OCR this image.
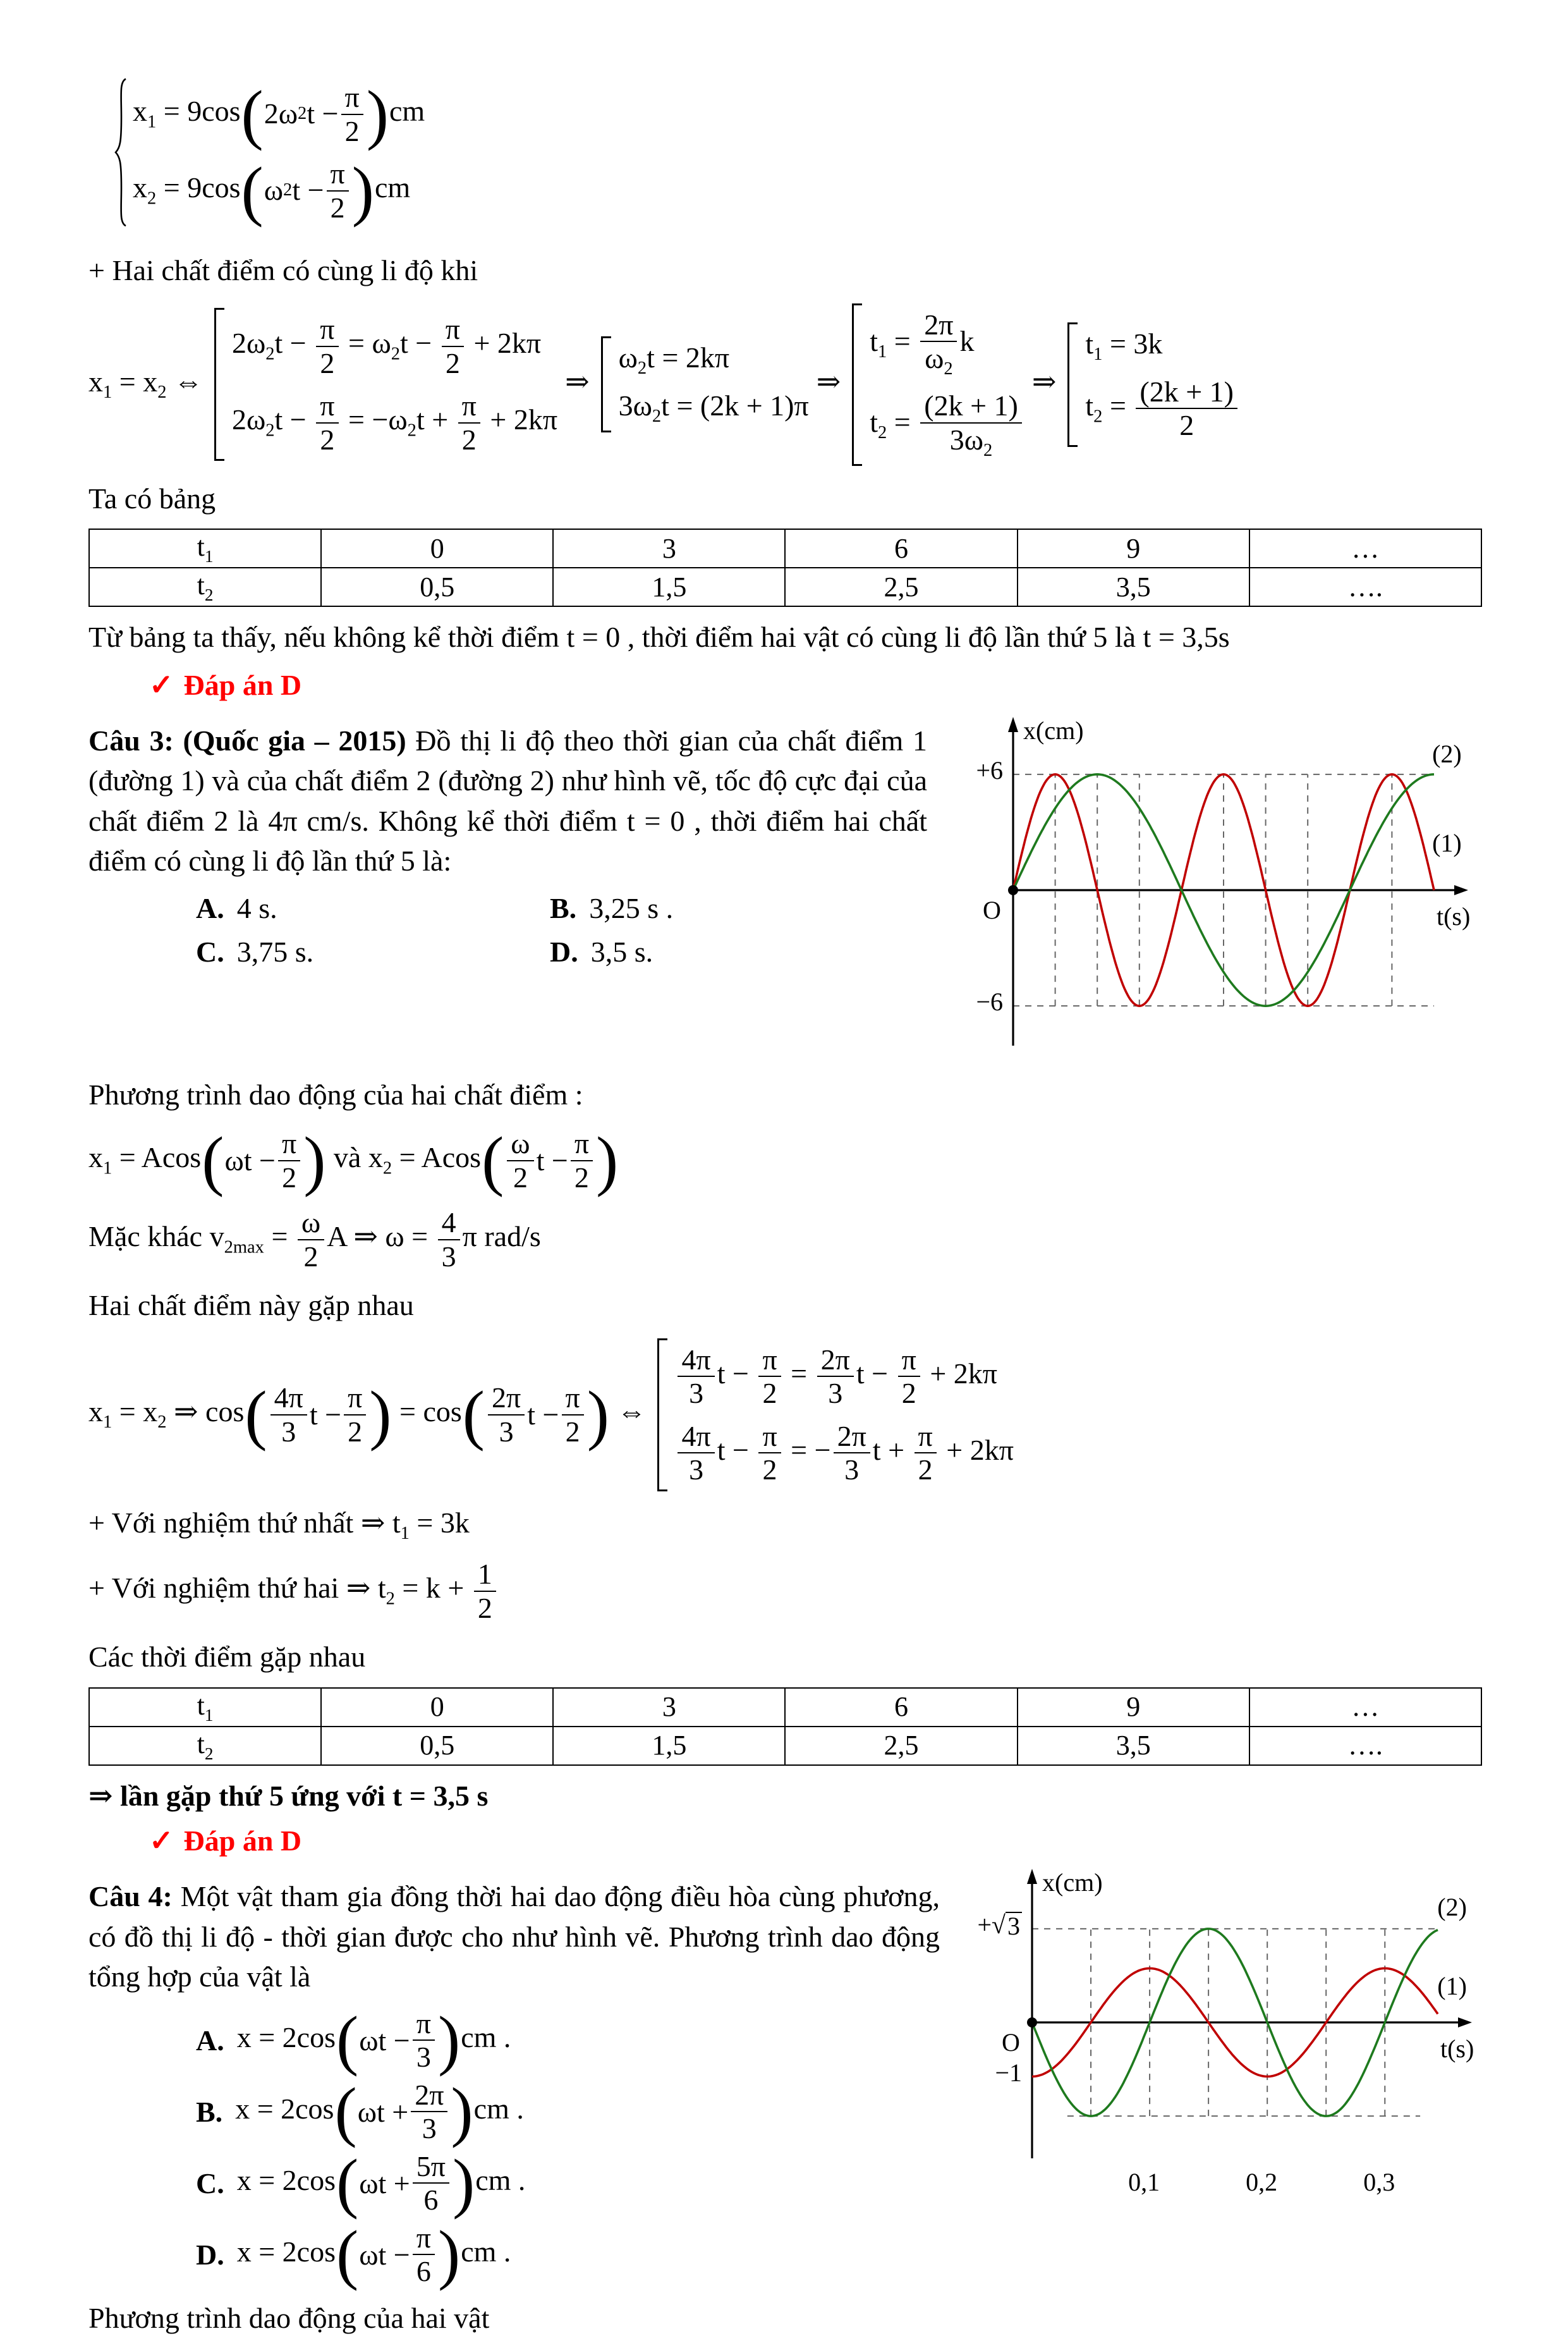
$x_1 = 9\cos$ ( 2ω 2 $t - \frac{\pi}{2}$ ) cm
$x_2 = 9\cos$ ( ω 2 $t - \frac{\pi}{2}$ ) cm

+ Hai chất điểm có cùng li độ khi

$x_1 = x_2$ ⇔
$2\omega_2t - \frac{\pi}{2} = \omega_2t - \frac{\pi}{2} + 2k\pi$
$2\omega_2t - \frac{\pi}{2} = -\omega_2t + \frac{\pi}{2} + 2k\pi$
⇒
$\omega_2t = 2k\pi$
$3\omega_2t = (2k + 1)\pi$
⇒
$t_1 = \frac{2\pi}{\omega_2}$ k
$t_2 = \frac{(2k + 1)}{3\omega_2}$
⇒
$t_1 = 3k$
$t_2 = \frac{(2k + 1)}{2}$

Ta có bảng

$t_1$	0	3	6	9	…
$t_2$	0,5	1,5	2,5	3,5	….

Từ bảng ta thấy, nếu không kể thời điểm t = 0 , thời điểm hai vật có cùng li độ lần thứ 5 là t = 3,5s

✓ Đáp án D

Câu 3: (Quốc gia – 2015) Đồ thị li độ theo thời gian của chất điểm 1 (đường 1) và của chất điểm 2 (đường 2) như hình vẽ, tốc độ cực đại của chất điểm 2 là 4π cm/s. Không kể thời điểm t = 0 , thời điểm hai chất điểm có cùng li độ lần thứ 5 là:

A. 4 s.	B. 3,25 s .
C. 3,75 s.	D. 3,5 s.
x(cm)
t(s)
O
+6
−6
(2)
(1)

Phương trình dao động của hai chất điểm :

$x_1 = Acos$ ( $\omega t - \frac{\pi}{2}$ ) và $x_2 = Acos$ ( $\frac{\omega}{2}$ $t - \frac{\pi}{2}$ )
Mặc khác $v_{2max} = \frac{\omega}{2}$ A ⇒ $\omega = \frac{4}{3}$ π rad/s

Hai chất điểm này gặp nhau

$x_1 = x_2$ ⇒ cos ( $\frac{4\pi}{3}$ $t - \frac{\pi}{2}$ ) = cos ( $\frac{2\pi}{3}$ $t - \frac{\pi}{2}$ ) ⇔
$\frac{4\pi}{3}$ $t - \frac{\pi}{2} = \frac{2\pi}{3}$ $t - \frac{\pi}{2} + 2k\pi$
$\frac{4\pi}{3}$ $t - \frac{\pi}{2}$ = − $\frac{2\pi}{3}$ $t + \frac{\pi}{2} + 2k\pi$
+ Với nghiệm thứ nhất ⇒ $t_1 = 3k$
+ Với nghiệm thứ hai ⇒ $t_2 = k + \frac{1}{2}$

Các thời điểm gặp nhau

$t_1$	0	3	6	9	…
$t_2$	0,5	1,5	2,5	3,5	….

⇒ lần gặp thứ 5 ứng với t = 3,5 s

✓ Đáp án D

Câu 4: Một vật tham gia đồng thời hai dao động điều hòa cùng phương, có đồ thị li độ - thời gian được cho như hình vẽ. Phương trình dao động tổng hợp của vật là

A. x = 2cos ( $\omega t - \frac{\pi}{3}$ ) cm .
B. x = 2cos ( $\omega t + \frac{2\pi}{3}$ ) cm .
C. x = 2cos ( $\omega t + \frac{5\pi}{6}$ ) cm .
D. x = 2cos ( $\omega t - \frac{\pi}{6}$ ) cm .

Phương trình dao động của hai vật

x(cm)
t(s)
O
+ √ 3
−1
0,1	0,2	0,3
(2)
(1)
